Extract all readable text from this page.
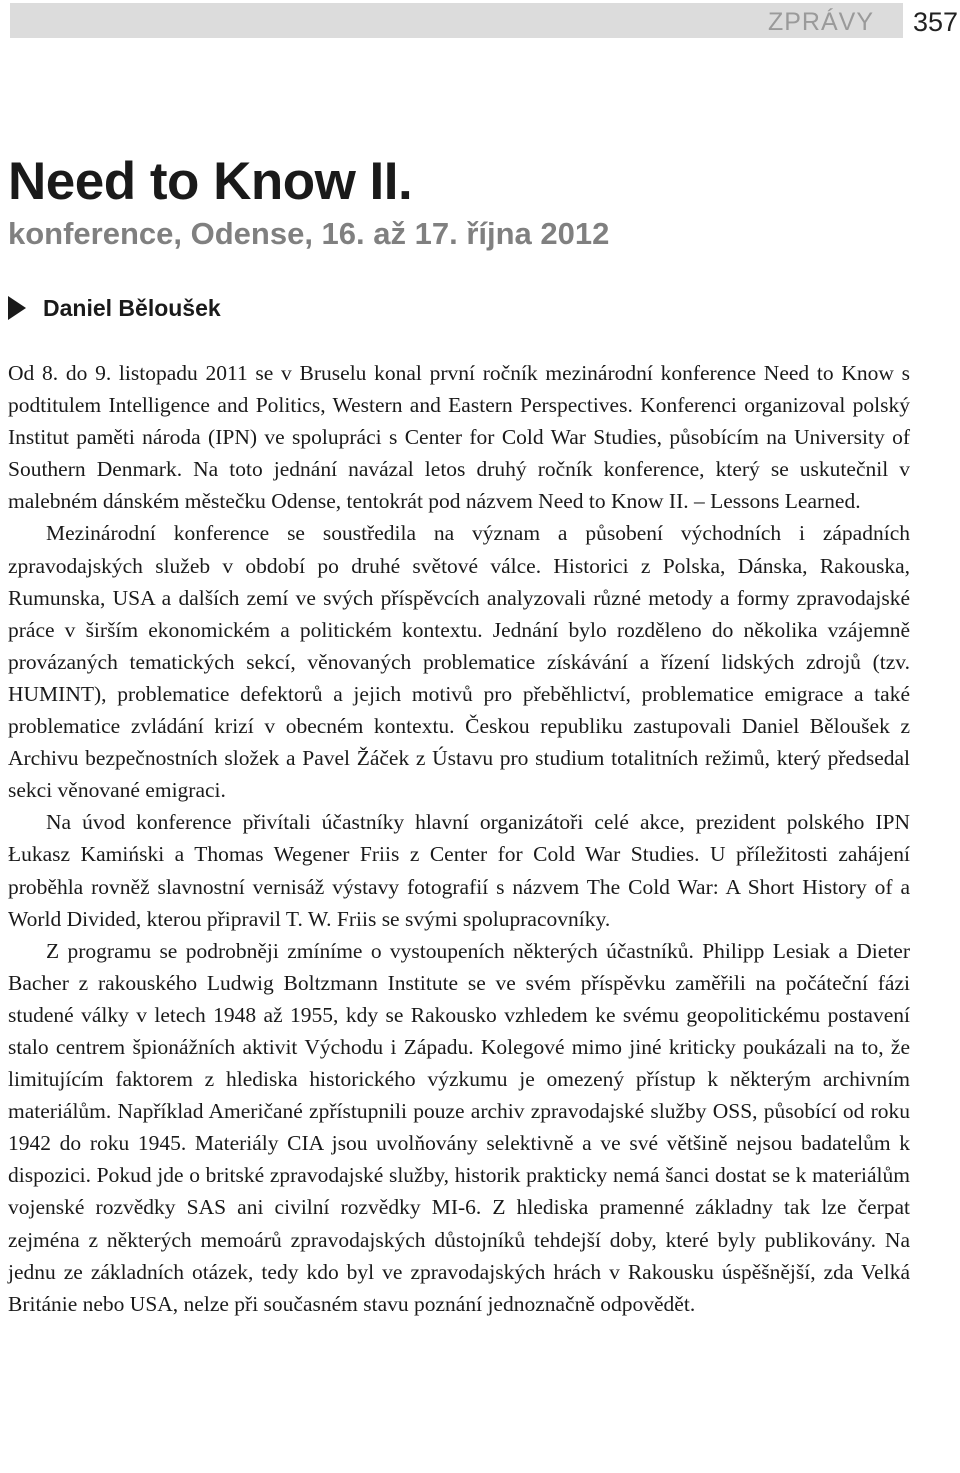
ZPRÁVY 357
Need to Know II.
konference, Odense, 16. až 17. října 2012
Daniel Běloušek

Od 8. do 9. listopadu 2011 se v Bruselu konal první ročník mezinárodní konference Need to Know s podtitulem Intelligence and Politics, Western and Eastern Perspectives. Konferenci organizoval polský Institut paměti národa (IPN) ve spolupráci s Center for Cold War Studies, působícím na University of Southern Denmark. Na toto jednání navázal letos druhý ročník konference, který se uskutečnil v malebném dánském městečku Odense, tentokrát pod názvem Need to Know II. – Lessons Learned.

Mezinárodní konference se soustředila na význam a působení východních i západních zpravodajských služeb v období po druhé světové válce. Historici z Polska, Dánska, Rakouska, Rumunska, USA a dalších zemí ve svých příspěvcích analyzovali různé metody a formy zpravodajské práce v širším ekonomickém a politickém kontextu. Jednání bylo rozděleno do několika vzájemně provázaných tematických sekcí, věnovaných problematice získávání a řízení lidských zdrojů (tzv. HUMINT), problematice defektorů a jejich motivů pro přeběhlictví, problematice emigrace a také problematice zvládání krizí v obecném kontextu. Českou republiku zastupovali Daniel Běloušek z Archivu bezpečnostních složek a Pavel Žáček z Ústavu pro studium totalitních režimů, který předsedal sekci věnované emigraci.

Na úvod konference přivítali účastníky hlavní organizátoři celé akce, prezident polského IPN Łukasz Kamiński a Thomas Wegener Friis z Center for Cold War Studies. U příležitosti zahájení proběhla rovněž slavnostní vernisáž výstavy fotografií s názvem The Cold War: A Short History of a World Divided, kterou připravil T. W. Friis se svými spolupracovníky.

Z programu se podrobněji zmíníme o vystoupeních některých účastníků. Philipp Lesiak a Dieter Bacher z rakouského Ludwig Boltzmann Institute se ve svém příspěvku zaměřili na počáteční fázi studené války v letech 1948 až 1955, kdy se Rakousko vzhledem ke svému geopolitickému postavení stalo centrem špionážních aktivit Východu i Západu. Kolegové mimo jiné kriticky poukázali na to, že limitujícím faktorem z hlediska historického výzkumu je omezený přístup k některým archivním materiálům. Například Američané zpřístupnili pouze archiv zpravodajské služby OSS, působící od roku 1942 do roku 1945. Materiály CIA jsou uvolňovány selektivně a ve své většině nejsou badatelům k dispozici. Pokud jde o britské zpravodajské služby, historik prakticky nemá šanci dostat se k materiálům vojenské rozvědky SAS ani civilní rozvědky MI-6. Z hlediska pramenné základny tak lze čerpat zejména z některých memoárů zpravodajských důstojníků tehdejší doby, které byly publikovány. Na jednu ze základních otázek, tedy kdo byl ve zpravodajských hrách v Rakousku úspěšnější, zda Velká Británie nebo USA, nelze při současném stavu poznání jednoznačně odpovědět.
